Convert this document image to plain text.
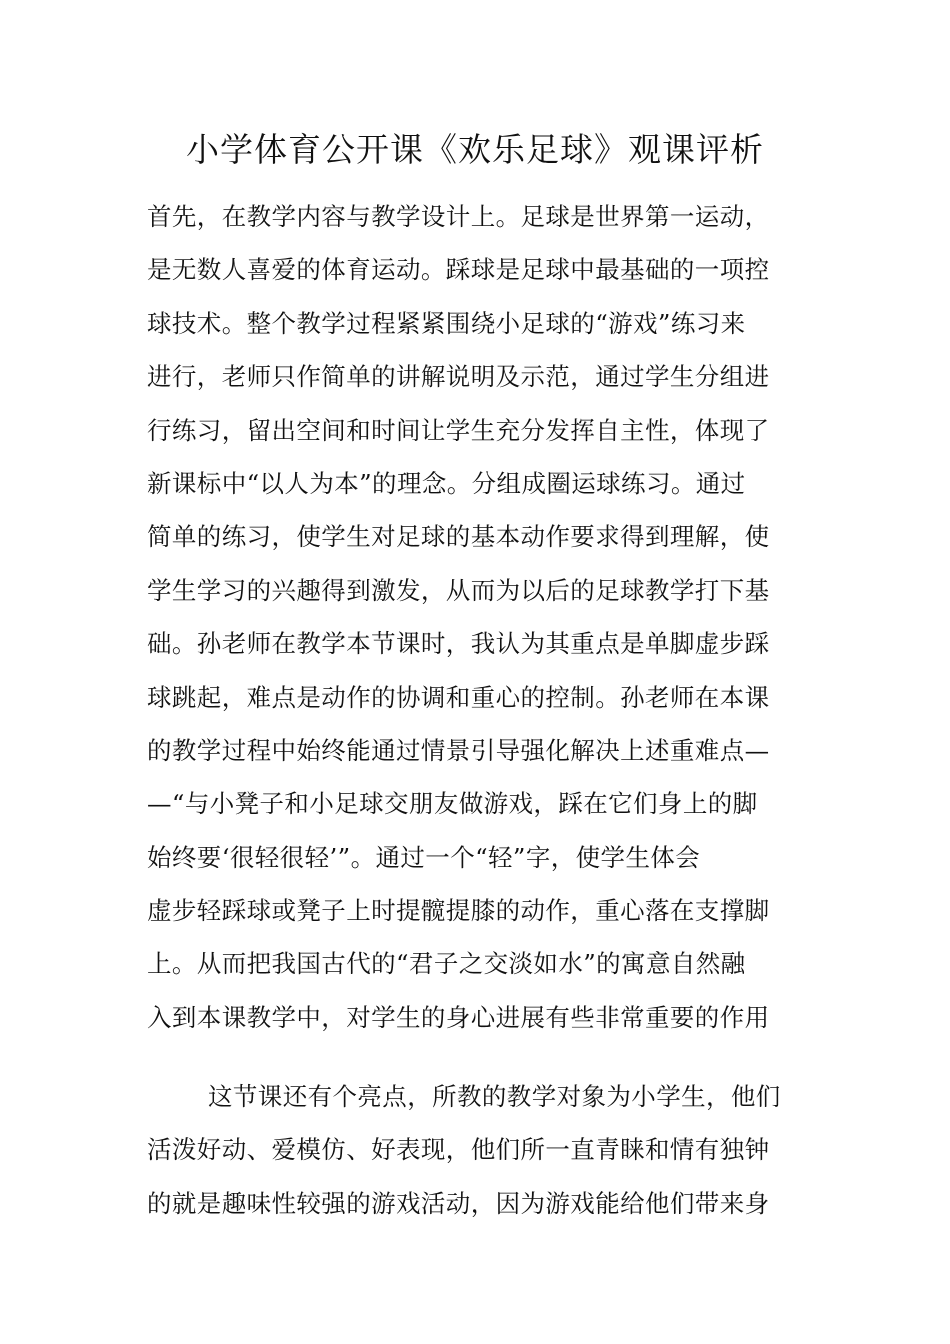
小学体育公开课《欢乐足球》观课评析
首先，在教学内容与教学设计上。足球是世界第一运动，
是无数人喜爱的体育运动。踩球是足球中最基础的一项控
球技术。整个教学过程紧紧围绕小足球的“游戏”练习来
进行，老师只作简单的讲解说明及示范，通过学生分组进
行练习，留出空间和时间让学生充分发挥自主性，体现了
新课标中“以人为本”的理念。分组成圈运球练习。通过
简单的练习，使学生对足球的基本动作要求得到理解，使
学生学习的兴趣得到激发，从而为以后的足球教学打下基
础。孙老师在教学本节课时，我认为其重点是单脚虚步踩
球跳起，难点是动作的协调和重心的控制。孙老师在本课
的教学过程中始终能通过情景引导强化解决上述重难点—
—“与小凳子和小足球交朋友做游戏，踩在它们身上的脚
始终要‘很轻很轻’”。通过一个“轻”字，使学生体会
虚步轻踩球或凳子上时提髋提膝的动作，重心落在支撑脚
上。从而把我国古代的“君子之交淡如水”的寓意自然融
入到本课教学中，对学生的身心进展有些非常重要的作用
这节课还有个亮点，所教的教学对象为小学生，他们
活泼好动、爱模仿、好表现，他们所一直青睐和情有独钟
的就是趣味性较强的游戏活动，因为游戏能给他们带来身
